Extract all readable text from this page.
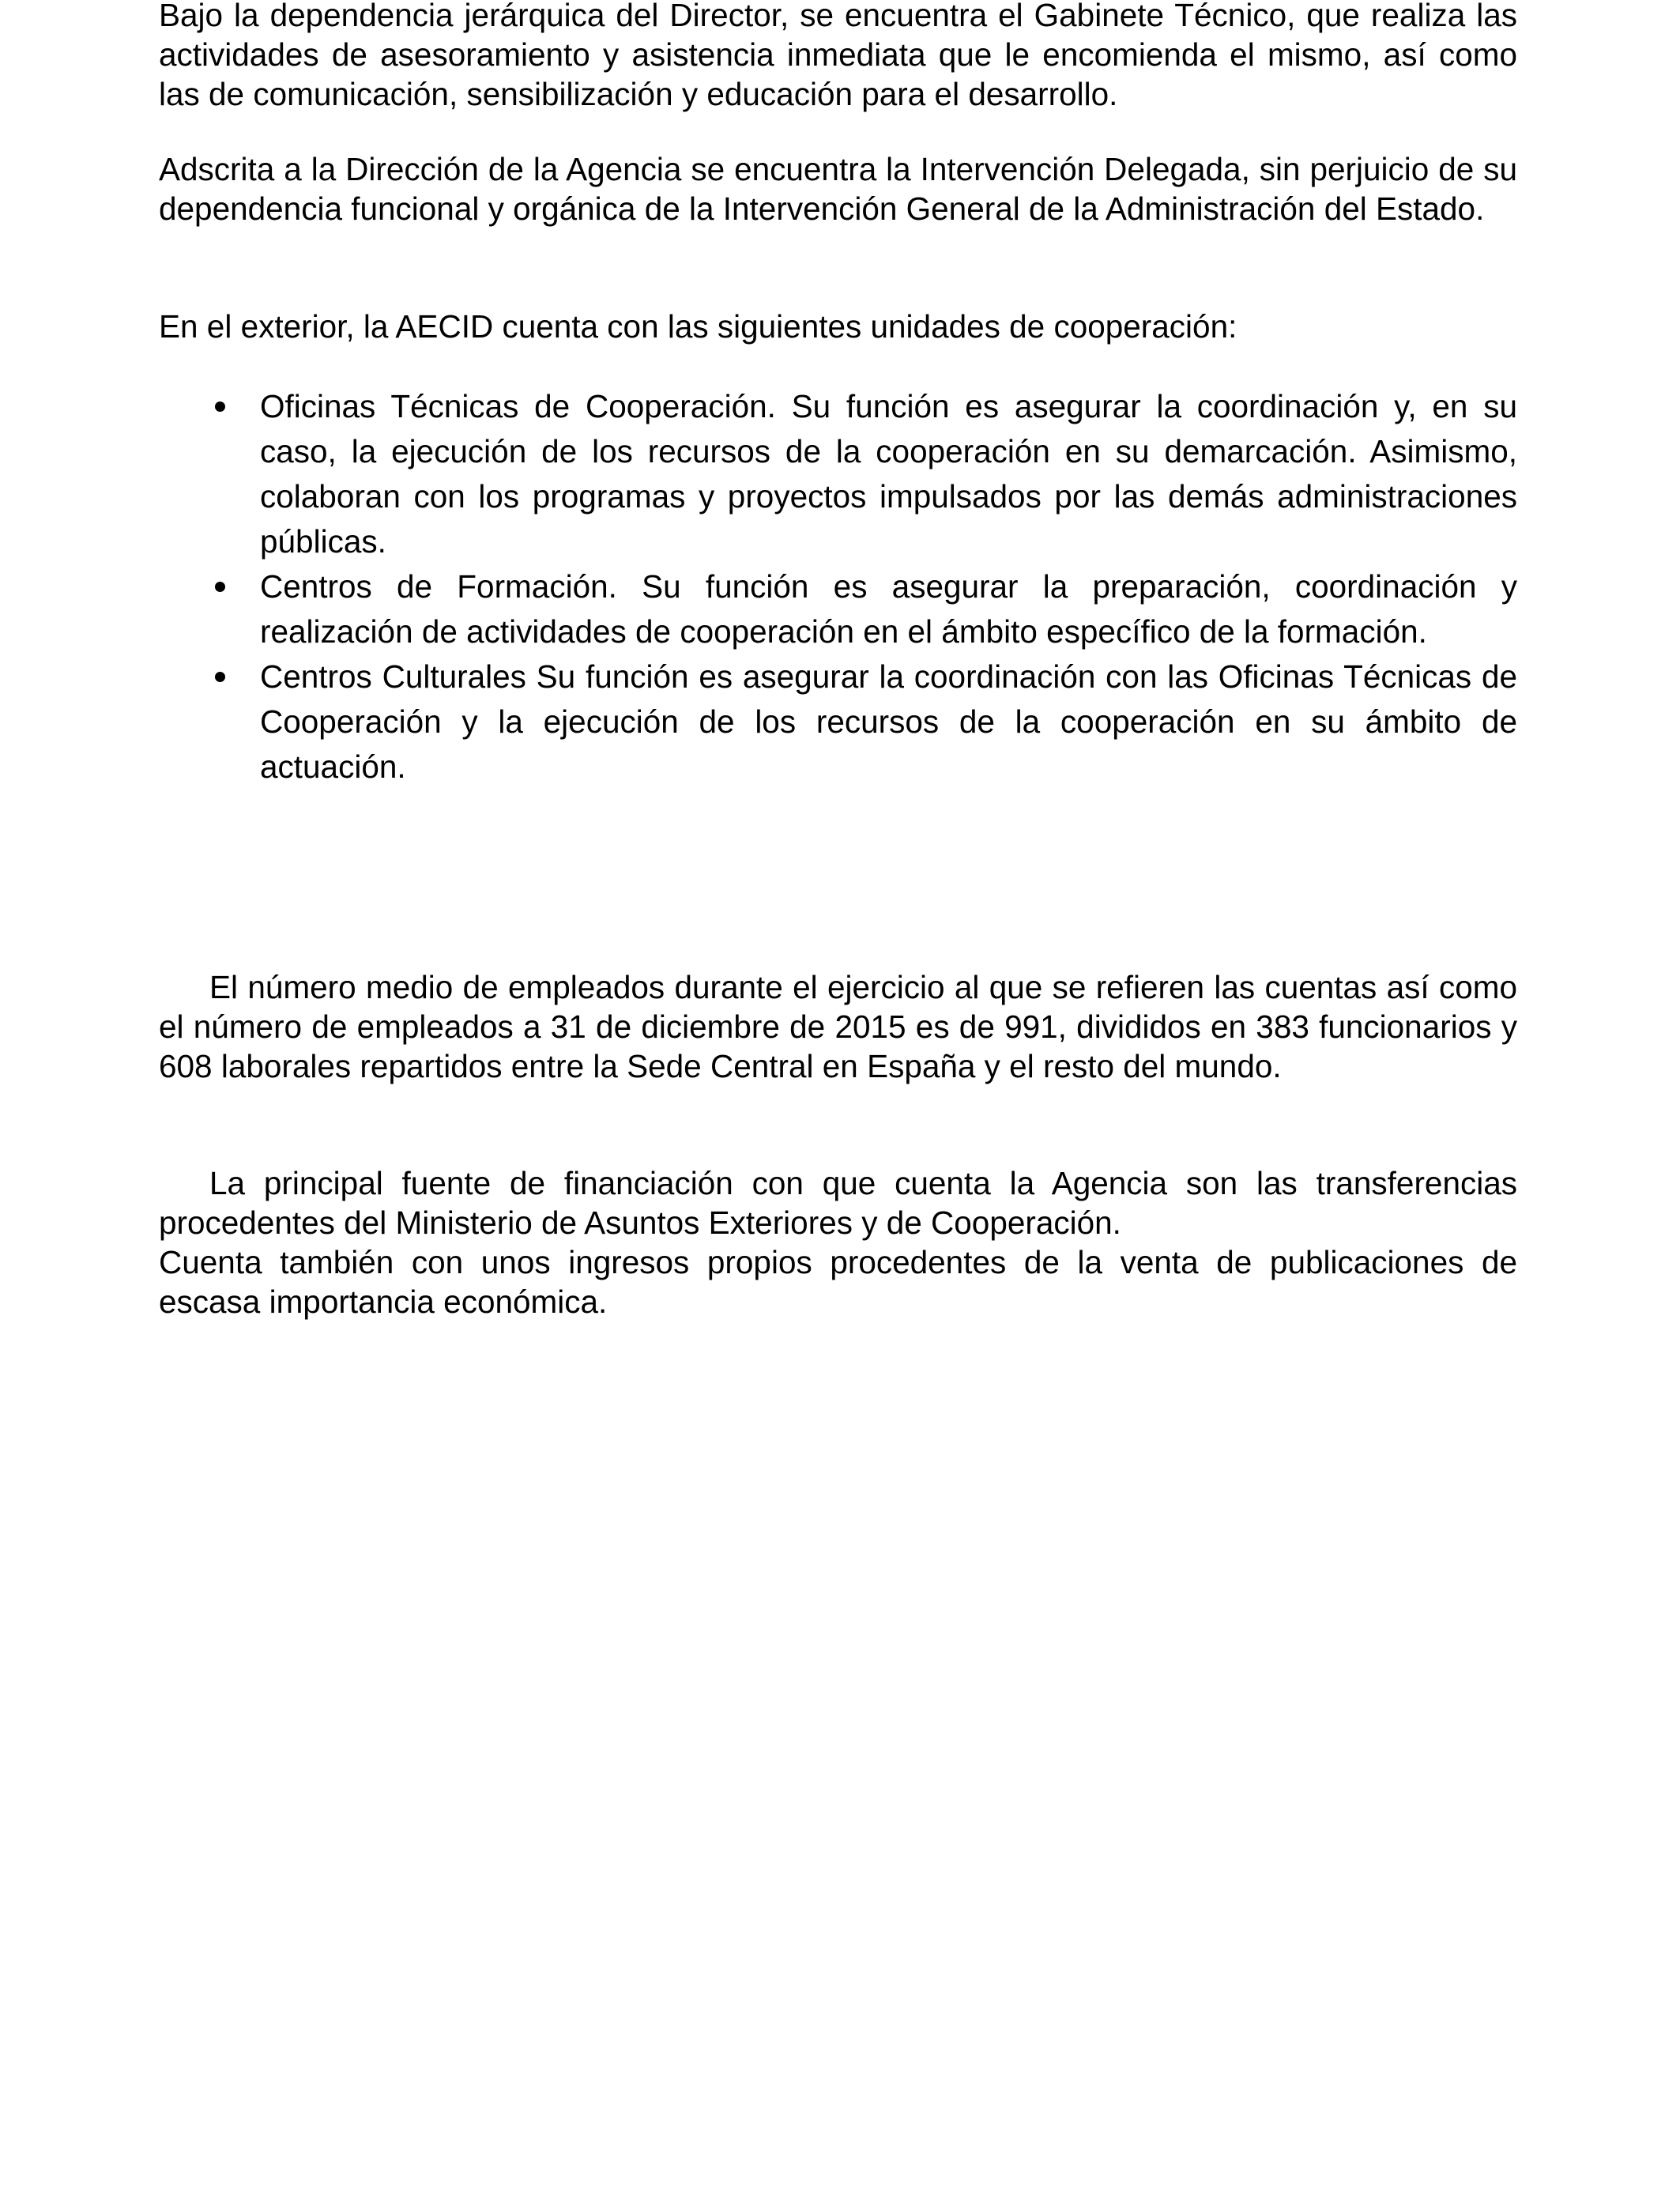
Bajo la dependencia jerárquica del Director, se encuentra el Gabinete Técnico, que realiza las actividades de asesoramiento y asistencia inmediata que le encomienda el mismo, así como las de comunicación, sensibilización y educación para el desarrollo.

Adscrita a la Dirección de la Agencia se encuentra la Intervención Delegada, sin perjuicio de su dependencia funcional y orgánica de la Intervención General de la Administración del Estado.

En el exterior, la AECID cuenta con las siguientes unidades de cooperación:

Oficinas Técnicas de Cooperación. Su función es asegurar la coordinación y, en su caso, la ejecución de los recursos de la cooperación en su demarcación. Asimismo, colaboran con los programas y proyectos impulsados por las demás administraciones públicas.
Centros de Formación. Su función es asegurar la preparación, coordinación y realización de actividades de cooperación en el ámbito específico de la formación.
Centros Culturales Su función es asegurar la coordinación con las Oficinas Técnicas de Cooperación y la ejecución de los recursos de la cooperación en su ámbito de actuación.

El número medio de empleados durante el ejercicio al que se refieren las cuentas así como el número de empleados a 31 de diciembre de 2015 es de 991, divididos en 383 funcionarios y 608 laborales repartidos entre la Sede Central en España y el resto del mundo.

La principal fuente de financiación con que cuenta la Agencia son las transferencias procedentes del Ministerio de Asuntos Exteriores y de Cooperación.

Cuenta también con unos ingresos propios procedentes de la venta de publicaciones de escasa importancia económica.
